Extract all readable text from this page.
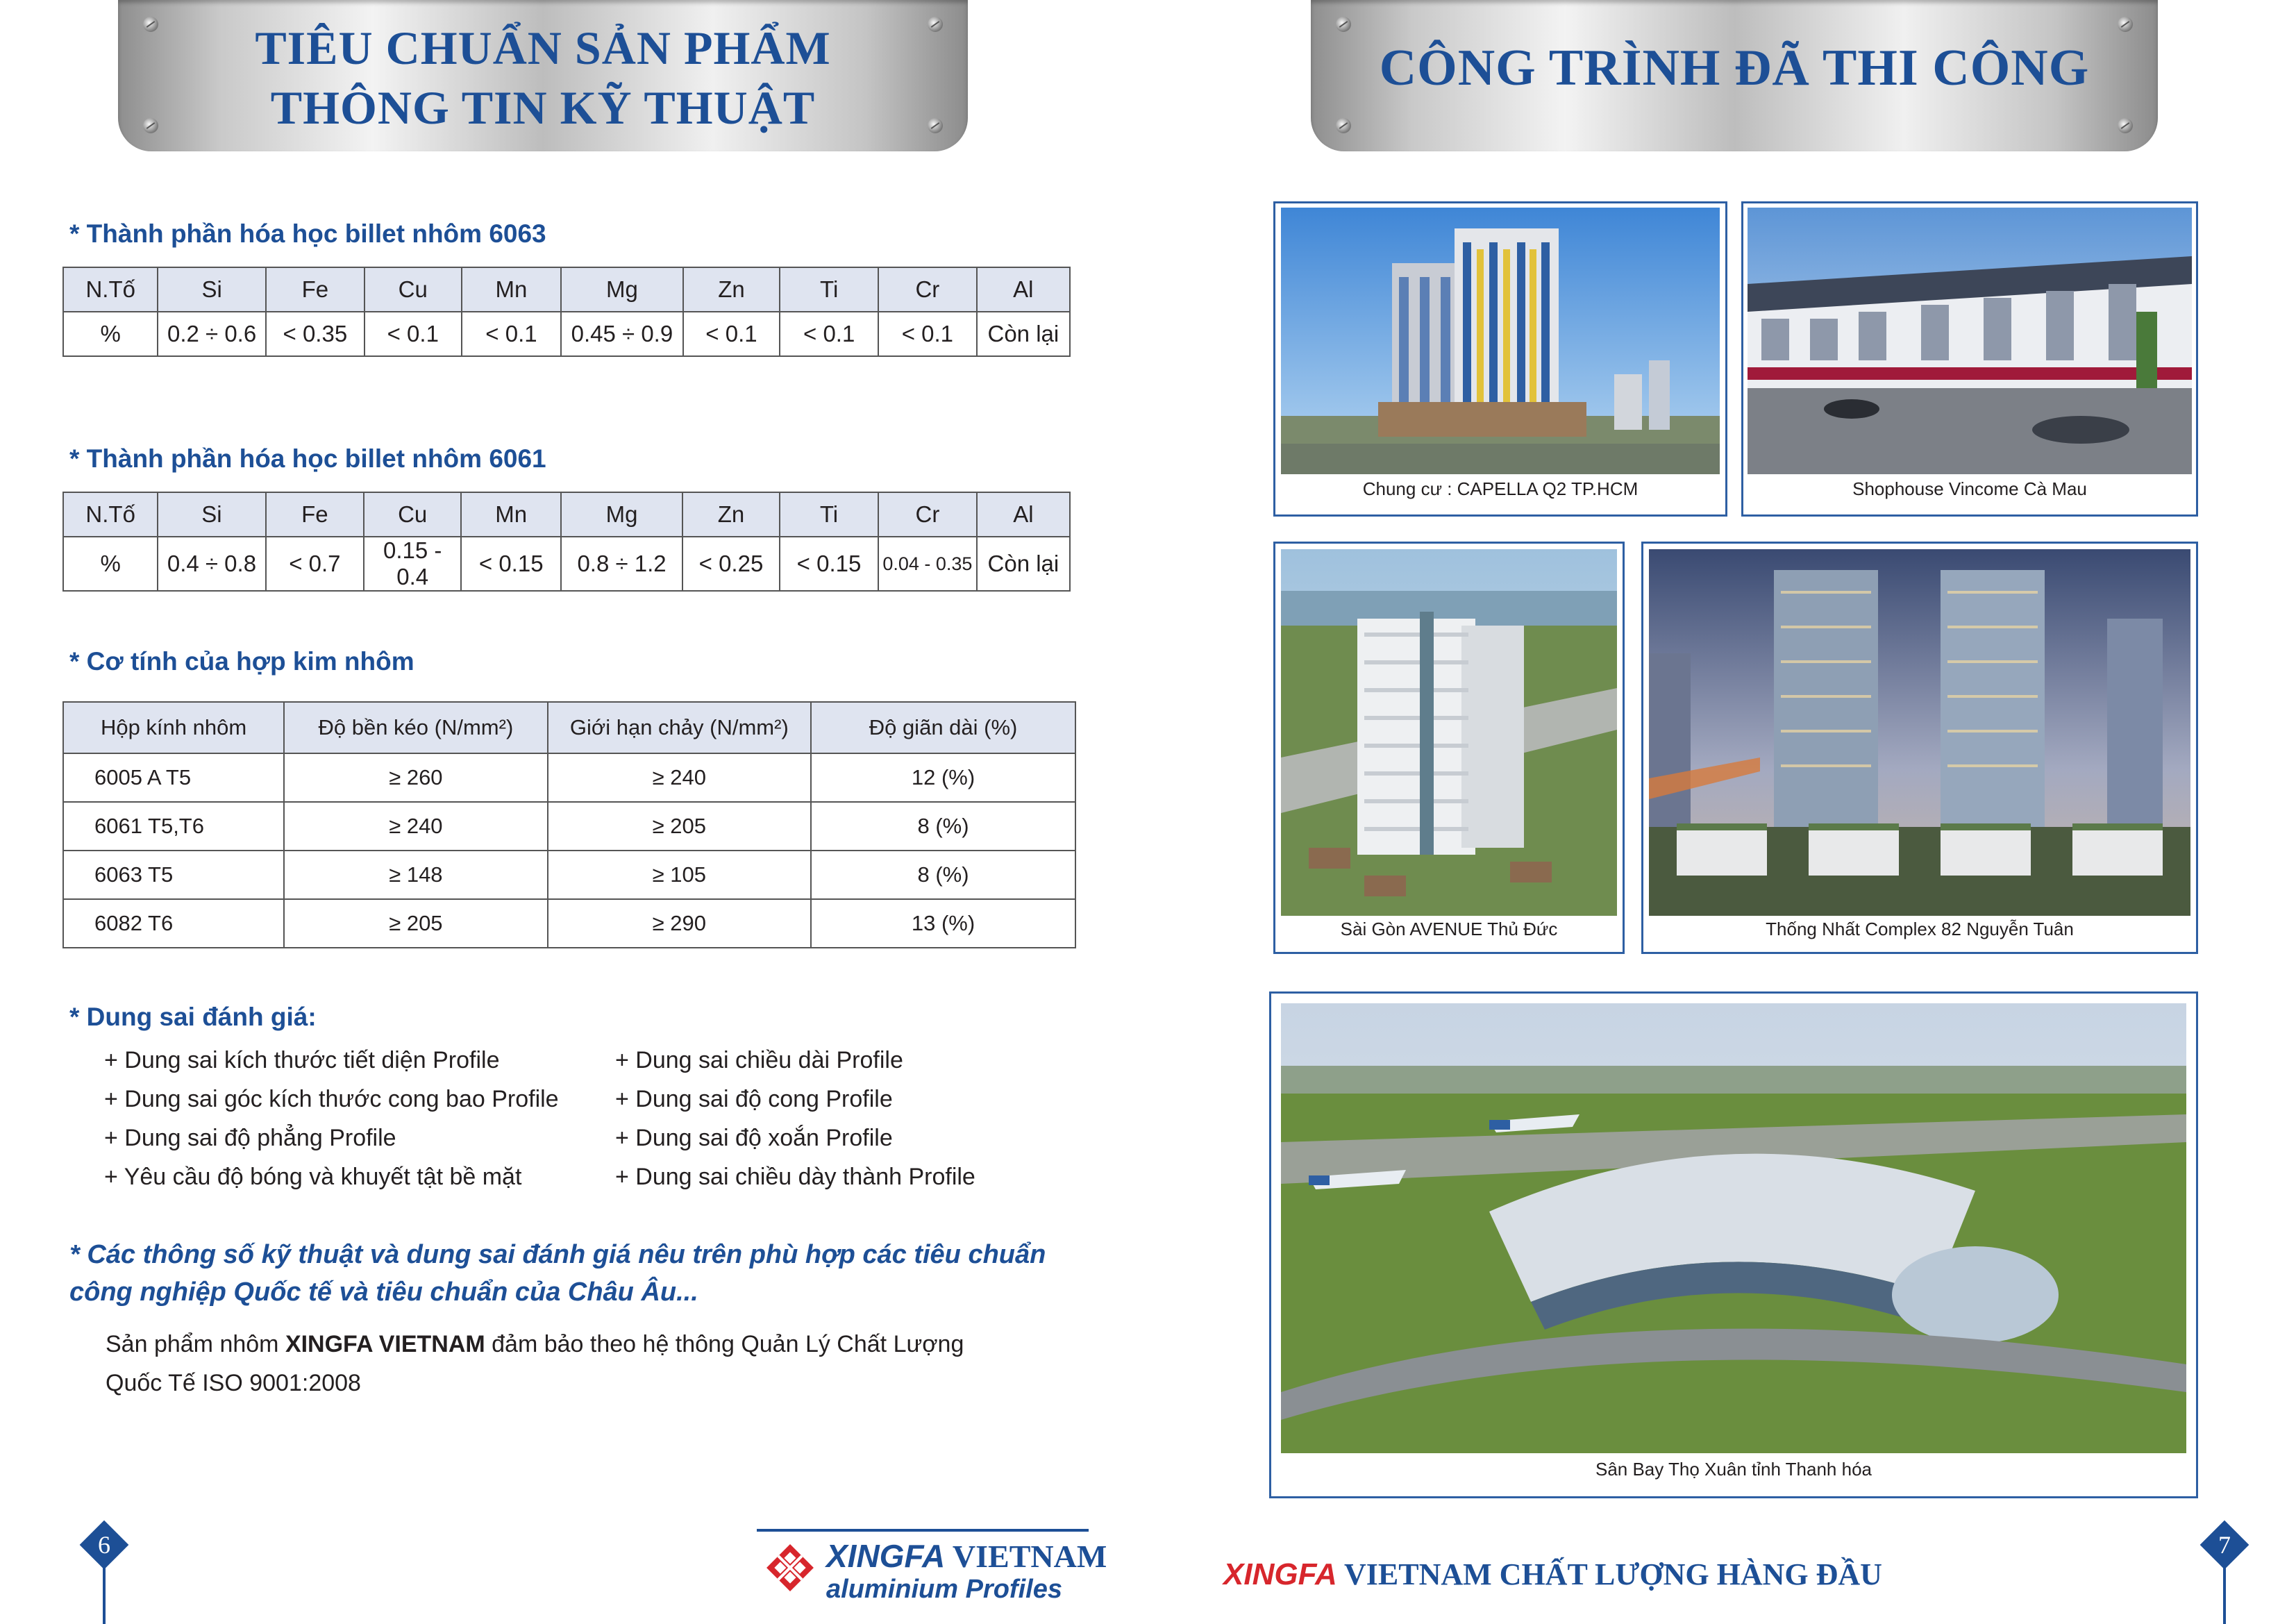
TIÊU CHUẨN SẢN PHẨM
THÔNG TIN KỸ THUẬT
* Thành phần hóa học billet nhôm 6063
N.Tố	Si	Fe	Cu	Mn	Mg	Zn	Ti	Cr	Al
%	0.2 ÷ 0.6	< 0.35	< 0.1	< 0.1	0.45 ÷ 0.9	< 0.1	< 0.1	< 0.1	Còn lại
* Thành phần hóa học billet nhôm 6061
N.Tố	Si	Fe	Cu	Mn	Mg	Zn	Ti	Cr	Al
%	0.4 ÷ 0.8	< 0.7	0.15 - 0.4	< 0.15	0.8 ÷ 1.2	< 0.25	< 0.15	0.04 - 0.35	Còn lại
* Cơ tính của hợp kim nhôm
Hộp kính nhôm	Độ bền kéo (N/mm²)	Giới hạn chảy (N/mm²)	Độ giãn dài (%)
6005 A T5	≥ 260	≥ 240	12 (%)
6061 T5,T6	≥ 240	≥ 205	8 (%)
6063 T5	≥ 148	≥ 105	8 (%)
6082 T6	≥ 205	≥ 290	13 (%)
* Dung sai đánh giá:
+ Dung sai kích thước tiết diện Profile
+ Dung sai góc kích thước cong bao Profile
+ Dung sai độ phẳng Profile
+ Yêu cầu độ bóng và khuyết tật bề mặt
+ Dung sai chiều dài Profile
+ Dung sai độ cong Profile
+ Dung sai độ xoắn Profile
+ Dung sai chiều dày thành Profile
* Các thông số kỹ thuật và dung sai đánh giá nêu trên phù hợp các tiêu chuẩn
công nghiệp Quốc tế và tiêu chuẩn của Châu Âu...
Sản phẩm nhôm XINGFA VIETNAM đảm bảo theo hệ thông Quản Lý Chất Lượng
Quốc Tế ISO 9001:2008
6	XINGFA VIETNAM
aluminium Profiles
CÔNG TRÌNH ĐÃ THI CÔNG
Chung cư : CAPELLA Q2 TP.HCM	Shophouse Vincome Cà Mau
Sài Gòn AVENUE Thủ Đức	Thống Nhất Complex 82 Nguyễn Tuân
Sân Bay Thọ Xuân tỉnh Thanh hóa
XINGFA VIETNAM CHẤT LƯỢNG HÀNG ĐẦU
7
